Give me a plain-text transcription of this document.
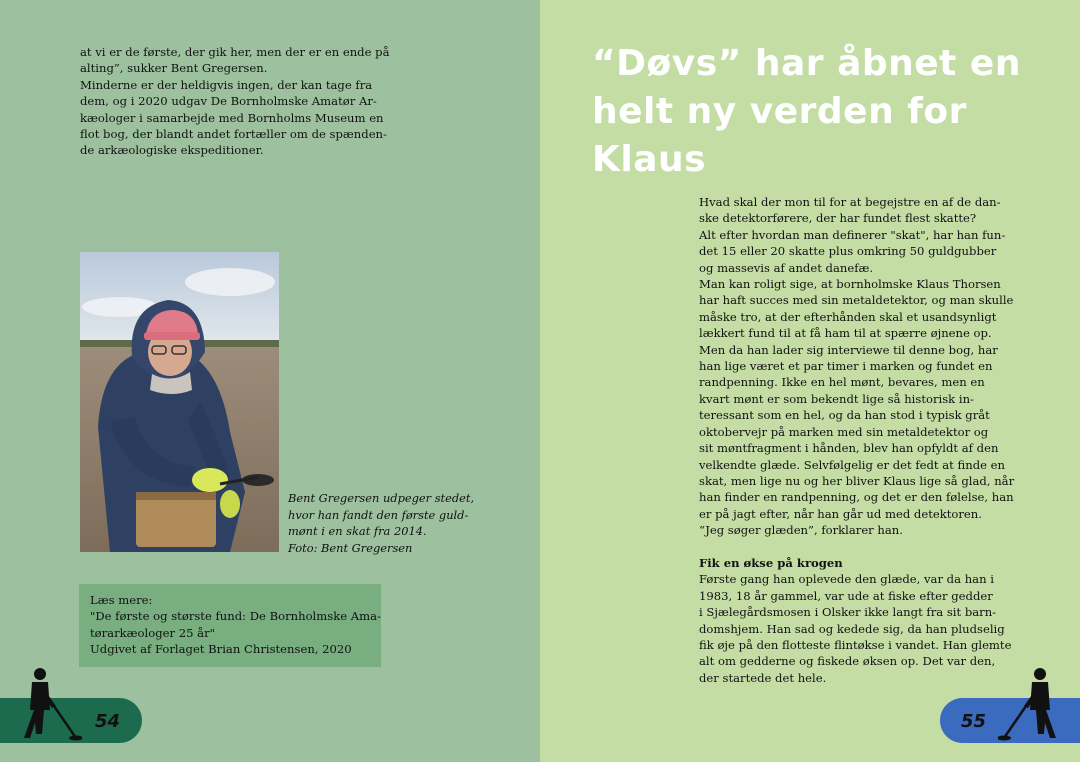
at vi er de første, der gik her, men der er en ende på
alting”, sukker Bent Gregersen.
Minderne er der heldigvis ingen, der kan tage fra
dem, og i 2020 udgav De Bornholmske Amatør Ar-
kæologer i samarbejde med Bornholms Museum en
flot bog, der blandt andet fortæller om de spænden-
de arkæologiske ekspeditioner.
Bent Gregersen udpeger stedet,
hvor han fandt den første guld-
mønt i en skat fra 2014.
Foto: Bent Gregersen
Læs mere:
"De første og største fund: De Bornholmske Ama-
tørarkæologer 25 år"
Udgivet af Forlaget Brian Christensen, 2020
54
“Døvs” har åbnet en
helt ny verden for
Klaus
Hvad skal der mon til for at begejstre en af de dan-
ske detektorførere, der har fundet flest skatte?
Alt efter hvordan man definerer "skat", har han fun-
det 15 eller 20 skatte plus omkring 50 guldgubber
og massevis af andet danefæ.
Man kan roligt sige, at bornholmske Klaus Thorsen
har haft succes med sin metaldetektor, og man skulle
måske tro, at der efterhånden skal et usandsynligt
lækkert fund til at få ham til at spærre øjnene op.
Men da han lader sig interviewe til denne bog, har
han lige været et par timer i marken og fundet en
randpenning. Ikke en hel mønt, bevares, men en
kvart mønt er som bekendt lige så historisk in-
teressant som en hel, og da han stod i typisk gråt
oktobervejr på marken med sin metaldetektor og
sit møntfragment i hånden, blev han opfyldt af den
velkendte glæde. Selvfølgelig er det fedt at finde en
skat, men lige nu og her bliver Klaus lige så glad, når
han finder en randpenning, og det er den følelse, han
er på jagt efter, når han går ud med detektoren.
“Jeg søger glæden”, forklarer han.
Fik en økse på krogen
Første gang han oplevede den glæde, var da han i
1983, 18 år gammel, var ude at fiske efter gedder
i Sjælegårdsmosen i Olsker ikke langt fra sit barn-
domshjem. Han sad og kedede sig, da han pludselig
fik øje på den flotteste flintøkse i vandet. Han glemte
alt om gedderne og fiskede øksen op. Det var den,
der startede det hele.
55
